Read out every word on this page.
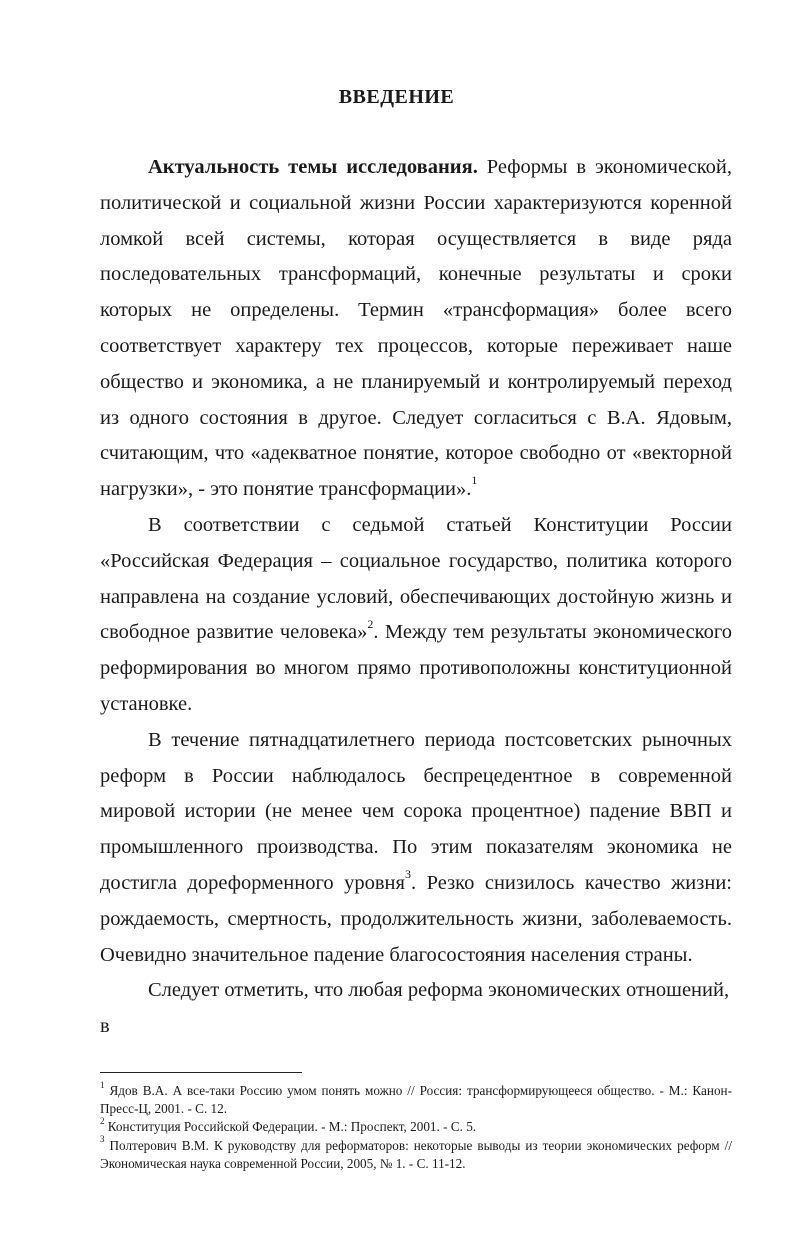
ВВЕДЕНИЕ

Актуальность темы исследования. Реформы в экономической, политической и социальной жизни России характеризуются коренной ломкой всей системы, которая осуществляется в виде ряда последовательных трансформаций, конечные результаты и сроки которых не определены. Термин «трансформация» более всего соответствует характеру тех процессов, которые переживает наше общество и экономика, а не планируемый и контролируемый переход из одного состояния в другое. Следует согласиться с В.А. Ядовым, считающим, что «адекватное понятие, которое свободно от «векторной нагрузки», - это понятие трансформации».$^1$

В соответствии с седьмой статьей Конституции России «Российская Федерация – социальное государство, политика которого направлена на создание условий, обеспечивающих достойную жизнь и свободное развитие человека»$^2$. Между тем результаты экономического реформирования во многом прямо противоположны конституционной установке.

В течение пятнадцатилетнего периода постсоветских рыночных реформ в России наблюдалось беспрецедентное в современной мировой истории (не менее чем сорока процентное) падение ВВП и промышленного производства. По этим показателям экономика не достигла дореформенного уровня$^3$. Резко снизилось качество жизни: рождаемость, смертность, продолжительность жизни, заболеваемость. Очевидно значительное падение благосостояния населения страны.

Следует отметить, что любая реформа экономических отношений, в

$^1$ Ядов В.А. А все-таки Россию умом понять можно // Россия: трансформирующееся общество. - М.: Канон-Пресс-Ц, 2001. - С. 12.
$^2$ Конституция Российской Федерации. - М.: Проспект, 2001. - С. 5.
$^3$ Полтерович В.М. К руководству для реформаторов: некоторые выводы из теории экономических реформ // Экономическая наука современной России, 2005, № 1. - С. 11-12.
